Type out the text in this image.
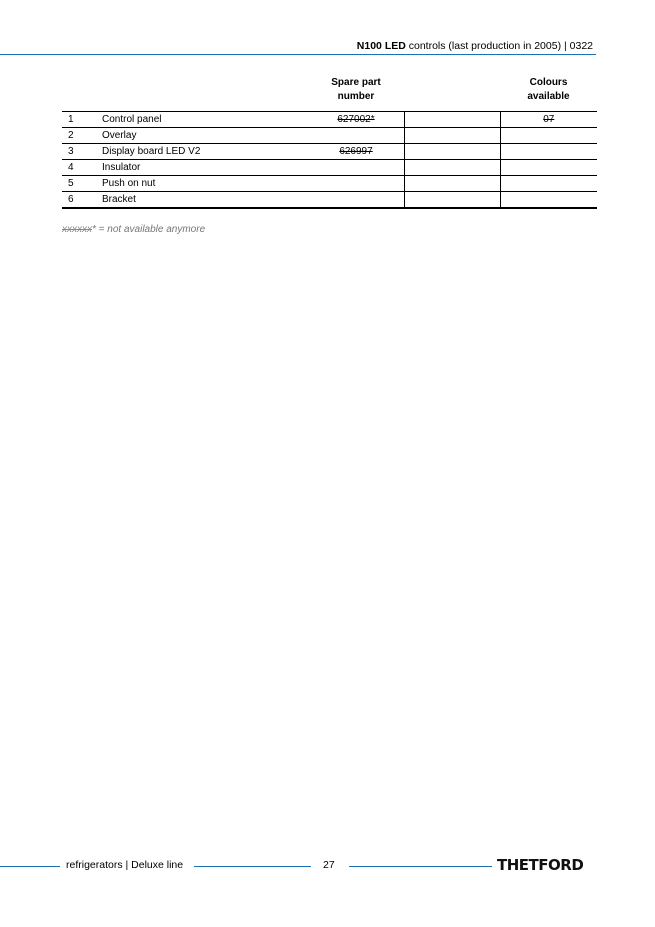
N100 LED controls (last production in 2005) | 0322
		Spare part number		Colours available
1	Control panel	627002*		07
2	Overlay			
3	Display board LED V2	626997		
4	Insulator			
5	Push on nut			
6	Bracket			
xxxxxx* = not available anymore
refrigerators | Deluxe line	27	THETFORD
